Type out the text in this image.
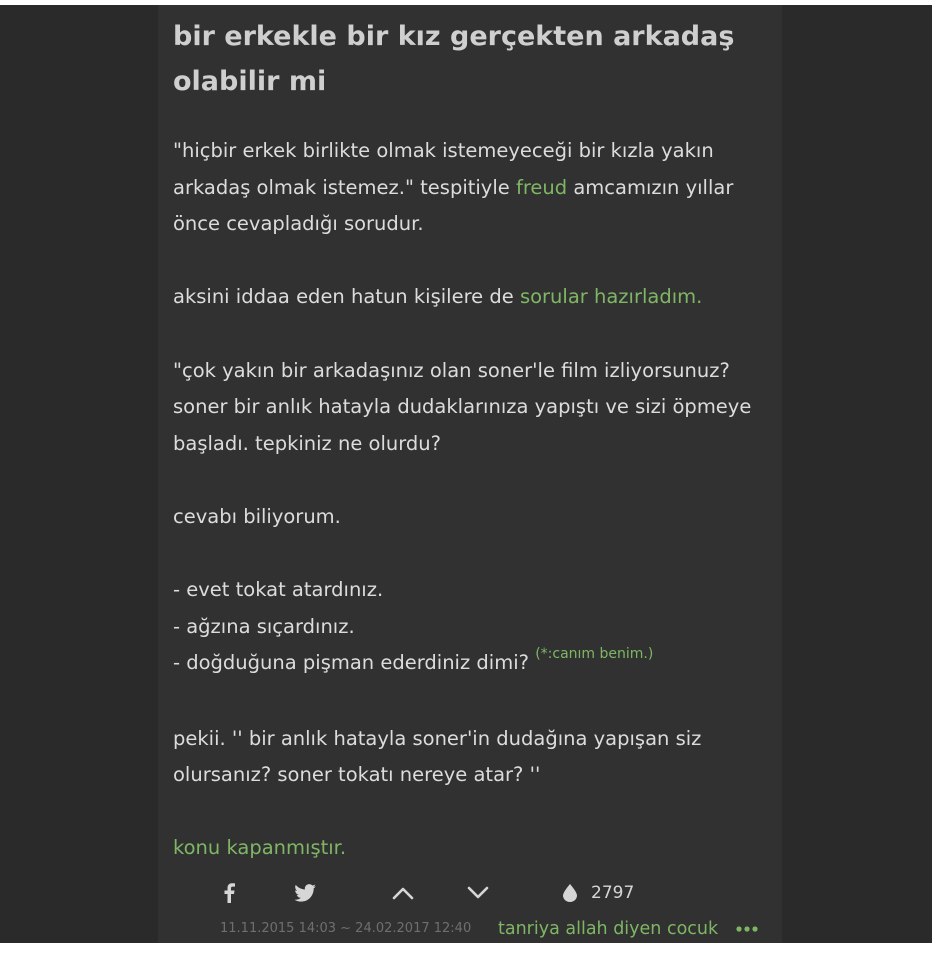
bir erkekle bir kız gerçekten arkadaş olabilir mi

"hiçbir erkek birlikte olmak istemeyeceği bir kızla yakın arkadaş olmak istemez." tespitiyle freud amcamızın yıllar önce cevapladığı sorudur.

aksini iddaa eden hatun kişilere de sorular hazırladım.

"çok yakın bir arkadaşınız olan soner'le film izliyorsunuz? soner bir anlık hatayla dudaklarınıza yapıştı ve sizi öpmeye başladı. tepkiniz ne olurdu?

cevabı biliyorum.

- evet tokat atardınız.
- ağzına sıçardınız.
- doğduğuna pişman ederdiniz dimi? $^{(*:canım benim.)}$

pekii. '' bir anlık hatayla soner'in dudağına yapışan siz olursanız? soner tokatı nereye atar? ''

konu kapanmıştır.

2797
11.11.2015 14:03 ~ 24.02.2017 12:40 tanriya allah diyen cocuk
